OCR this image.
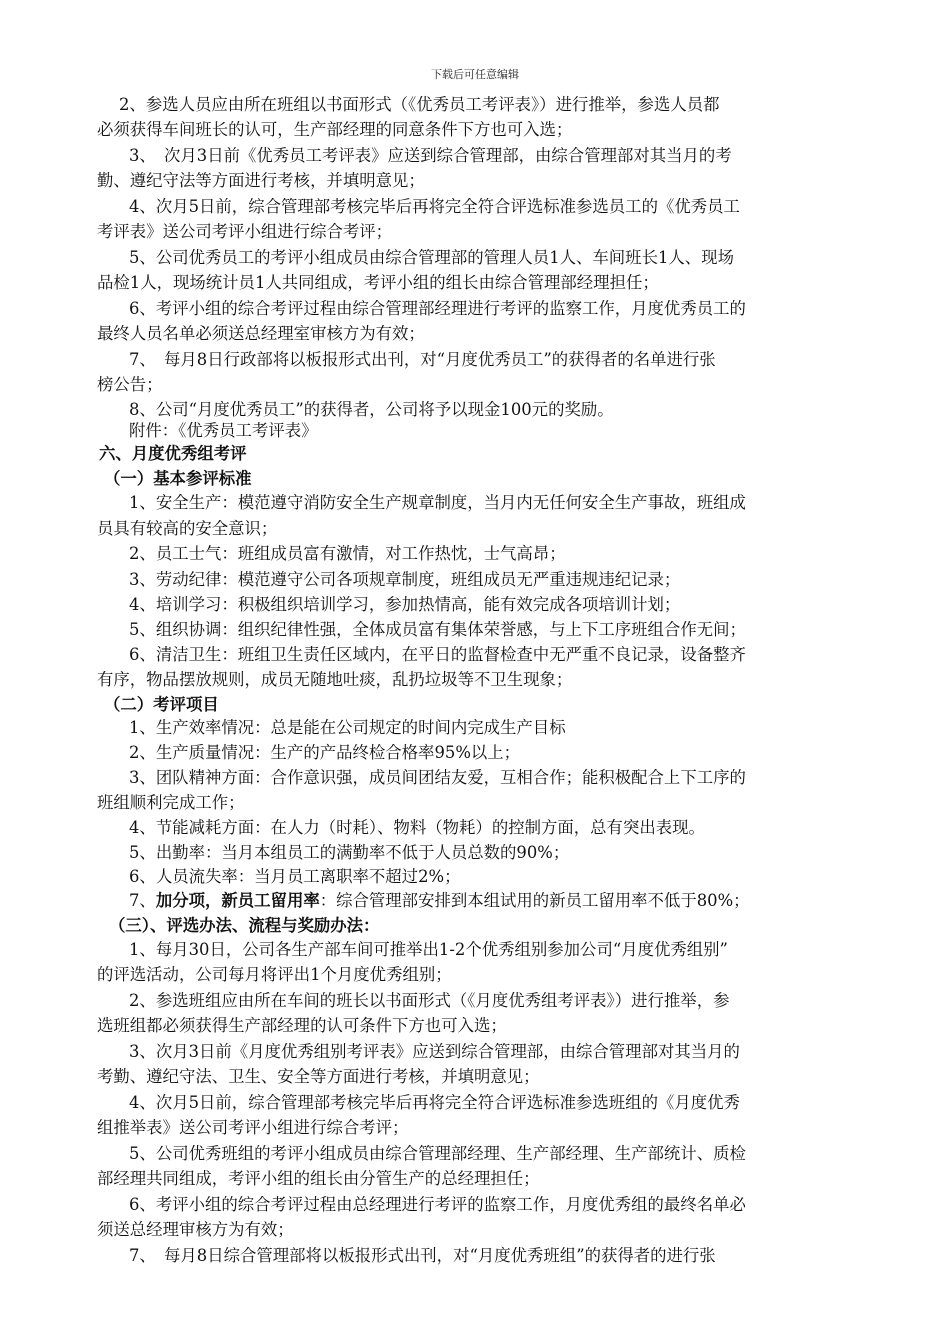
下载后可任意编辑
2、参选人员应由所在班组以书面形式（《优秀员工考评表》）进行推举，参选人员都
必须获得车间班长的认可，生产部经理的同意条件下方也可入选；
3、　次月3日前《优秀员工考评表》应送到综合管理部，由综合管理部对其当月的考
勤、遵纪守法等方面进行考核，并填明意见；
4、次月5日前，综合管理部考核完毕后再将完全符合评选标准参选员工的《优秀员工
考评表》送公司考评小组进行综合考评；
5、公司优秀员工的考评小组成员由综合管理部的管理人员1人、车间班长1人、现场
品检1人，现场统计员1人共同组成，考评小组的组长由综合管理部经理担任；
6、考评小组的综合考评过程由综合管理部经理进行考评的监察工作，月度优秀员工的
最终人员名单必须送总经理室审核方为有效；
7、　每月8日行政部将以板报形式出刊，对“月度优秀员工”的获得者的名单进行张
榜公告；
8、公司“月度优秀员工”的获得者，公司将予以现金100元的奖励。
附件：《优秀员工考评表》
六、月度优秀组考评
（一）基本参评标准
1、安全生产：模范遵守消防安全生产规章制度，当月内无任何安全生产事故，班组成
员具有较高的安全意识；
2、员工士气：班组成员富有激情，对工作热忱，士气高昂；
3、劳动纪律：模范遵守公司各项规章制度，班组成员无严重违规违纪记录；
4、培训学习：积极组织培训学习，参加热情高，能有效完成各项培训计划；
5、组织协调：组织纪律性强，全体成员富有集体荣誉感，与上下工序班组合作无间；
6、清洁卫生：班组卫生责任区域内，在平日的监督检查中无严重不良记录，设备整齐
有序，物品摆放规则，成员无随地吐痰，乱扔垃圾等不卫生现象；
（二）考评项目
1、生产效率情况：总是能在公司规定的时间内完成生产目标
2、生产质量情况：生产的产品终检合格率95%以上；
3、团队精神方面：合作意识强，成员间团结友爱，互相合作；能积极配合上下工序的
班组顺利完成工作；
4、节能减耗方面：在人力（时耗）、物料（物耗）的控制方面，总有突出表现。
5、出勤率：当月本组员工的满勤率不低于人员总数的90%；
6、人员流失率：当月员工离职率不超过2%；
7、加分项，新员工留用率：综合管理部安排到本组试用的新员工留用率不低于80%；
（三）、评选办法、流程与奖励办法：
1、每月30日，公司各生产部车间可推举出1-2个优秀组别参加公司“月度优秀组别”
的评选活动，公司每月将评出1个月度优秀组别；
2、参选班组应由所在车间的班长以书面形式（《月度优秀组考评表》）进行推举，参
选班组都必须获得生产部经理的认可条件下方也可入选；
3、次月3日前《月度优秀组别考评表》应送到综合管理部，由综合管理部对其当月的
考勤、遵纪守法、卫生、安全等方面进行考核，并填明意见；
4、次月5日前，综合管理部考核完毕后再将完全符合评选标准参选班组的《月度优秀
组推举表》送公司考评小组进行综合考评；
5、公司优秀班组的考评小组成员由综合管理部经理、生产部经理、生产部统计、质检
部经理共同组成，考评小组的组长由分管生产的总经理担任；
6、考评小组的综合考评过程由总经理进行考评的监察工作，月度优秀组的最终名单必
须送总经理审核方为有效；
7、　每月8日综合管理部将以板报形式出刊，对“月度优秀班组”的获得者的进行张
